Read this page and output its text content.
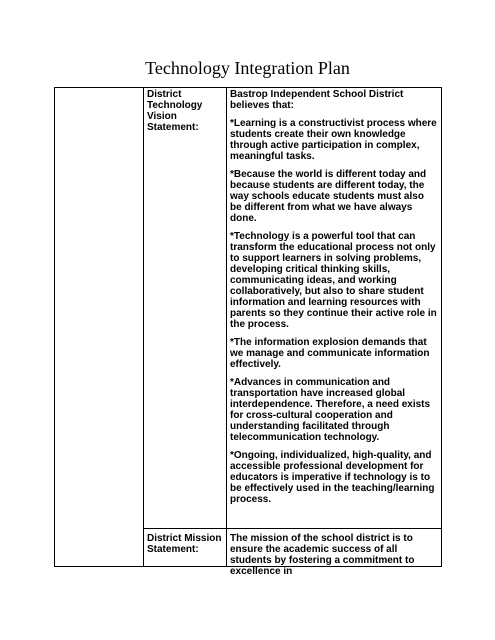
Technology Integration Plan
District Technology Vision Statement:

Bastrop Independent School District believes that:

*Learning is a constructivist process where students create their own knowledge through active participation in complex, meaningful tasks.

*Because the world is different today and because students are different today, the way schools educate students must also be different from what we have always done.

*Technology is a powerful tool that can transform the educational process not only to support learners in solving problems, developing critical thinking skills, communicating ideas, and working collaboratively, but also to share student information and learning resources with parents so they continue their active role in the process.

*The information explosion demands that we manage and communicate information effectively.

*Advances in communication and transportation have increased global interdependence. Therefore, a need exists for cross-cultural cooperation and understanding facilitated through telecommunication technology.

*Ongoing, individualized, high-quality, and accessible professional development for educators is imperative if technology is to be effectively used in the teaching/learning process.

District Mission Statement:
The mission of the school district is to ensure the academic success of all students by fostering a commitment to excellence in
